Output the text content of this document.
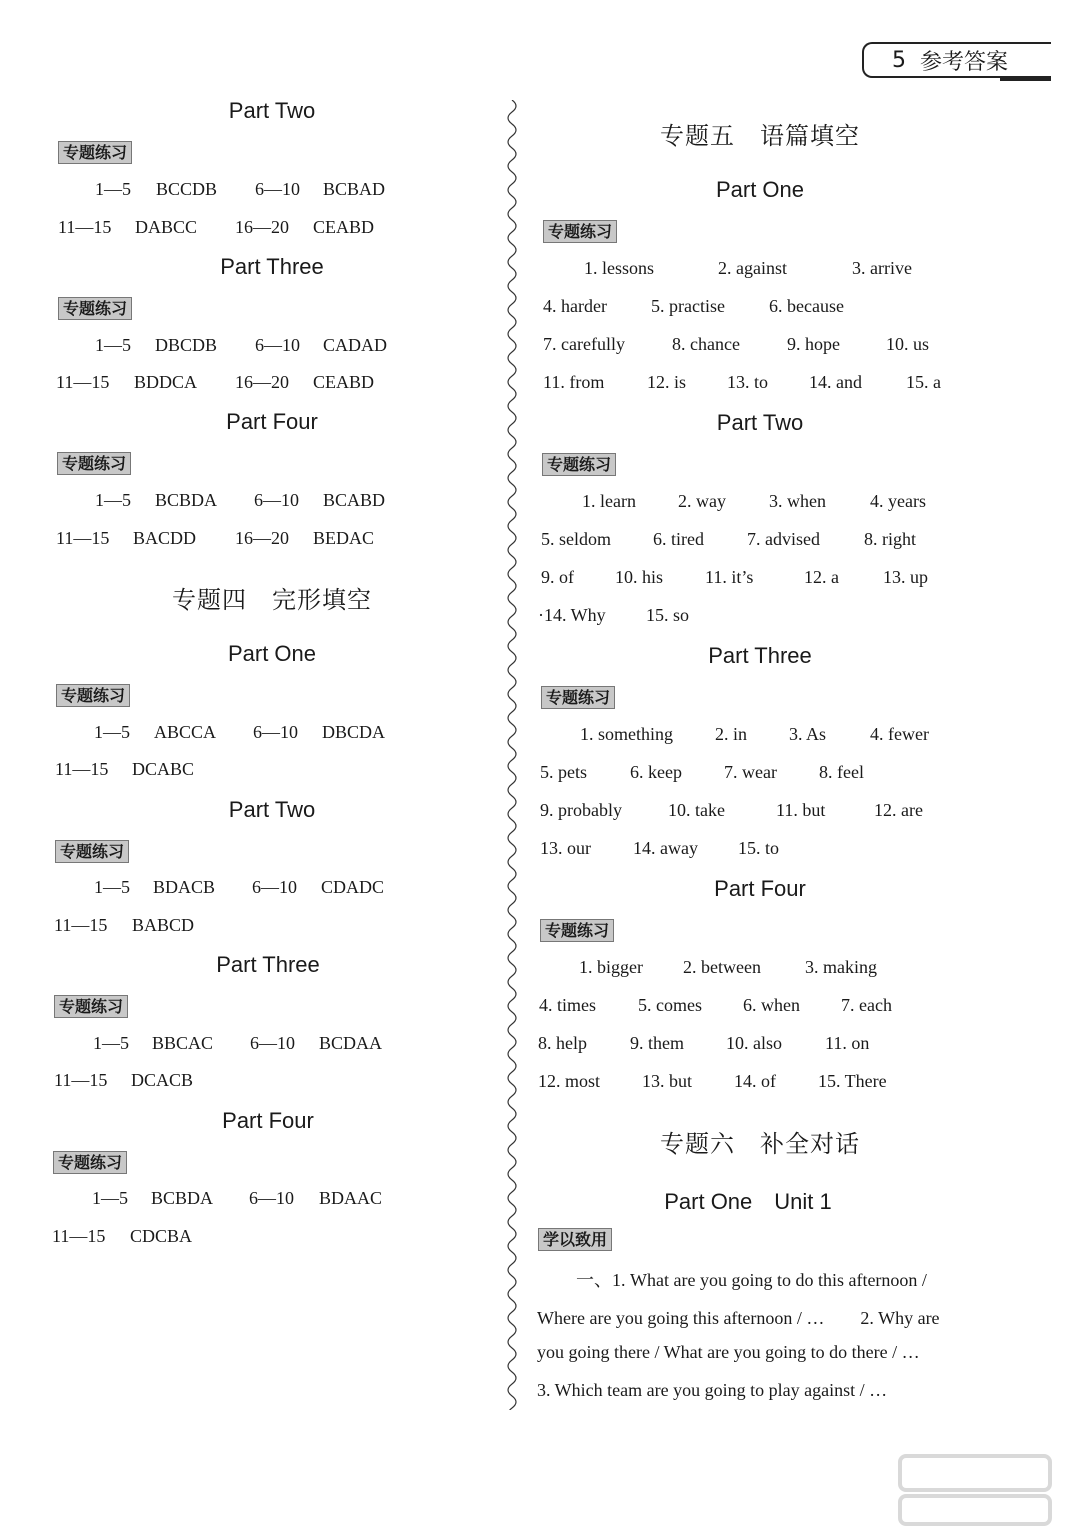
5 参考答案
Part Two
专题练习
1—5 BCCDB 6—10 BCBAD
11—15 DABCC 16—20 CEABD
Part Three
专题练习
1—5 DBCDB 6—10 CADAD
11—15 BDDCA 16—20 CEABD
Part Four
专题练习
1—5 BCBDA 6—10 BCABD
11—15 BACDD 16—20 BEDAC
专题四　完形填空
Part One
专题练习
1—5 ABCCA 6—10 DBCDA
11—15 DCABC
Part Two
专题练习
1—5 BDACB 6—10 CDADC
11—15 BABCD
Part Three
专题练习
1—5 BBCAC 6—10 BCDAA
11—15 DCACB
Part Four
专题练习
1—5 BCBDA 6—10 BDAAC
11—15 CDCBA
专题五　语篇填空
Part One
专题练习
1. lessons	2. against	3. arrive
4. harder 5. practise 6. because
7. carefully	8. chance	9. hope	10. us
11. from 12. is 13. to 14. and 15. a
Part Two
专题练习
1. learn 2. way 3. when 4. years
5. seldom 6. tired 7. advised 8. right
9. of 10. his 11. it’s	12. a 13. up
·14. Why 15. so
Part Three
专题练习
1. something 2. in 3. As 4. fewer
5. pets 6. keep 7. wear 8. feel
9. probably	10. take	11. but	12. are
13. our 14. away 15. to
Part Four
专题练习
1. bigger 2. between 3. making
4. times 5. comes 6. when 7. each
8. help 9. them 10. also 11. on
12. most 13. but 14. of 15. There
专题六　补全对话
Part One　Unit 1
学以致用
一、1. What are you going to do this afternoon /
Where are you going this afternoon / …　　2. Why are
you going there / What are you going to do there / …
3. Which team are you going to play against / …
